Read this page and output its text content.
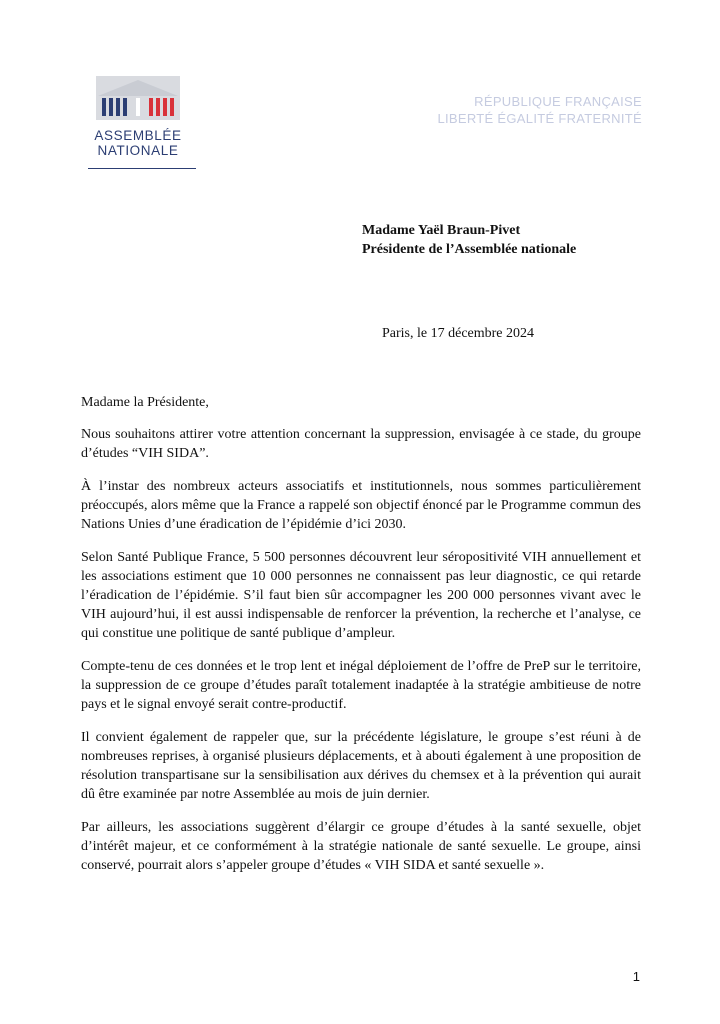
ASSEMBLÉE
NATIONALE
RÉPUBLIQUE FRANÇAISE
LIBERTÉ ÉGALITÉ FRATERNITÉ
Madame Yaël Braun-Pivet
Présidente de l’Assemblée nationale
Paris, le 17 décembre 2024

Madame la Présidente,

Nous souhaitons attirer votre attention concernant la suppression, envisagée à ce stade, du groupe d’études “VIH SIDA”.

À l’instar des nombreux acteurs associatifs et institutionnels, nous sommes particulièrement préoccupés, alors même que la France a rappelé son objectif énoncé par le Programme commun des Nations Unies d’une éradication de l’épidémie d’ici 2030.

Selon Santé Publique France, 5 500 personnes découvrent leur séropositivité VIH annuellement et les associations estiment que 10 000 personnes ne connaissent pas leur diagnostic, ce qui retarde l’éradication de l’épidémie. S’il faut bien sûr accompagner les 200 000 personnes vivant avec le VIH aujourd’hui, il est aussi indispensable de renforcer la prévention, la recherche et l’analyse, ce qui constitue une politique de santé publique d’ampleur.

Compte-tenu de ces données et le trop lent et inégal déploiement de l’offre de PreP sur le territoire, la suppression de ce groupe d’études paraît totalement inadaptée à la stratégie ambitieuse de notre pays et le signal envoyé serait contre-productif.

Il convient également de rappeler que, sur la précédente législature, le groupe s’est réuni à de nombreuses reprises, à organisé plusieurs déplacements, et à abouti également à une proposition de résolution transpartisane sur la sensibilisation aux dérives du chemsex et à la prévention qui aurait dû être examinée par notre Assemblée au mois de juin dernier.

Par ailleurs, les associations suggèrent d’élargir ce groupe d’études à la santé sexuelle, objet d’intérêt majeur, et ce conformément à la stratégie nationale de santé sexuelle. Le groupe, ainsi conservé, pourrait alors s’appeler groupe d’études « VIH SIDA et santé sexuelle ».

1
